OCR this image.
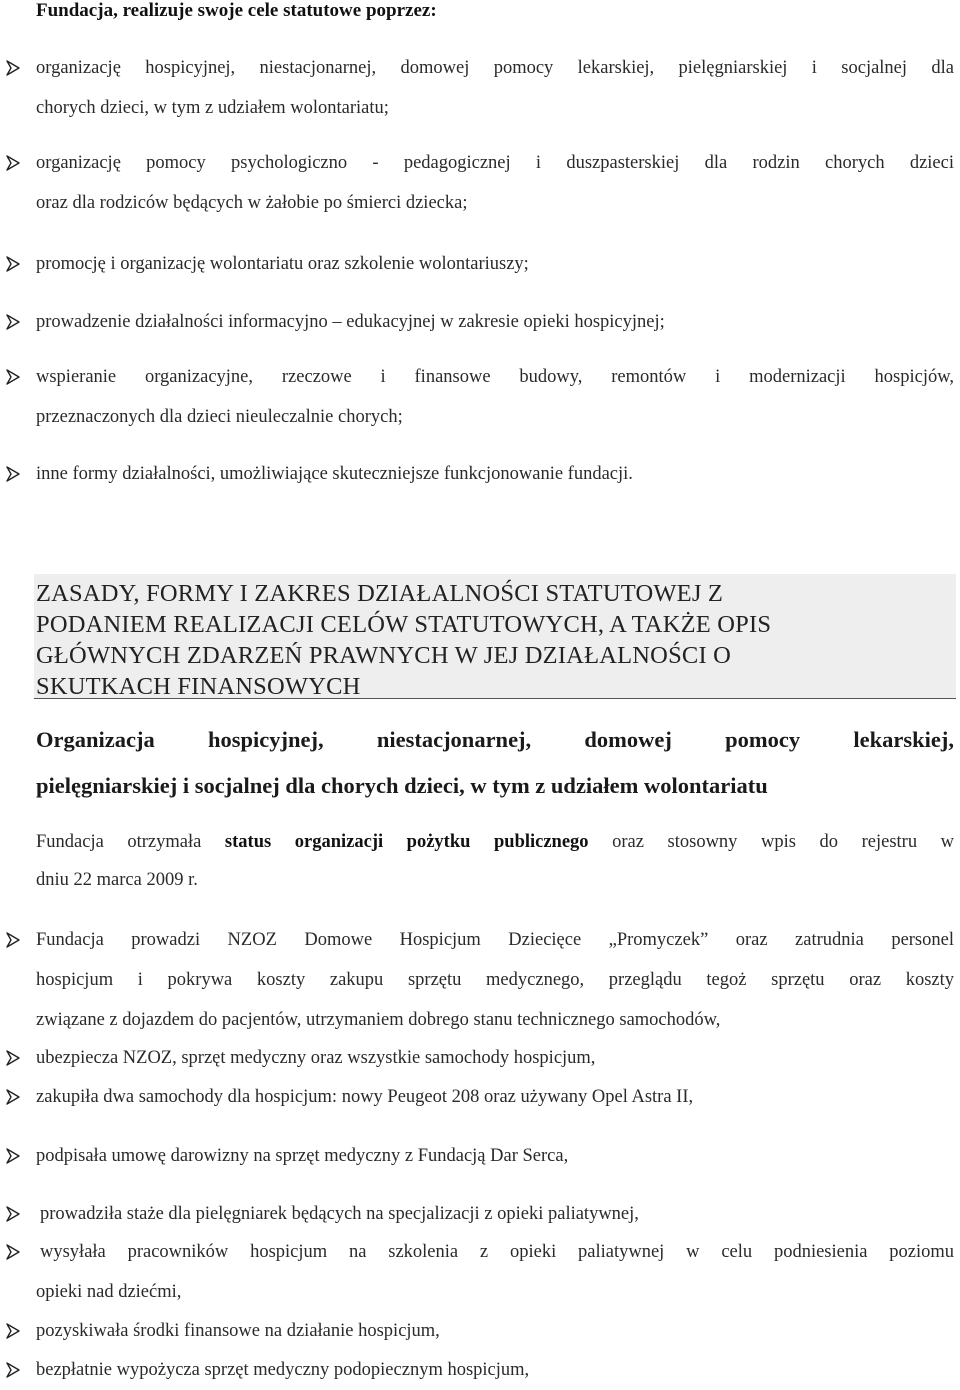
Fundacja, realizuje swoje cele statutowe poprzez:
organizację hospicyjnej, niestacjonarnej, domowej pomocy lekarskiej, pielęgniarskiej i socjalnej dla
chorych dzieci, w tym z udziałem wolontariatu;
organizację pomocy psychologiczno - pedagogicznej i duszpasterskiej dla rodzin chorych dzieci
oraz dla rodziców będących w żałobie po śmierci dziecka;
promocję i organizację wolontariatu oraz szkolenie wolontariuszy;
prowadzenie działalności informacyjno – edukacyjnej w zakresie opieki hospicyjnej;
wspieranie organizacyjne, rzeczowe i finansowe budowy, remontów i modernizacji hospicjów,
przeznaczonych dla dzieci nieuleczalnie chorych;
inne formy działalności, umożliwiające skuteczniejsze funkcjonowanie fundacji.
ZASADY, FORMY I ZAKRES DZIAŁALNOŚCI STATUTOWEJ Z
PODANIEM REALIZACJI CELÓW STATUTOWYCH, A TAKŻE OPIS
GŁÓWNYCH ZDARZEŃ PRAWNYCH W JEJ DZIAŁALNOŚCI O
SKUTKACH FINANSOWYCH
Organizacja hospicyjnej, niestacjonarnej, domowej pomocy lekarskiej,
pielęgniarskiej i socjalnej dla chorych dzieci, w tym z udziałem wolontariatu
Fundacja otrzymała status organizacji pożytku publicznego oraz stosowny wpis do rejestru w
dniu 22 marca 2009 r.
Fundacja prowadzi NZOZ Domowe Hospicjum Dziecięce „Promyczek” oraz zatrudnia personel
hospicjum i pokrywa koszty zakupu sprzętu medycznego, przeglądu tegoż sprzętu oraz koszty
związane z dojazdem do pacjentów, utrzymaniem dobrego stanu technicznego samochodów,
ubezpiecza NZOZ, sprzęt medyczny oraz wszystkie samochody hospicjum,
zakupiła dwa samochody dla hospicjum: nowy Peugeot 208 oraz używany Opel Astra II,
podpisała umowę darowizny na sprzęt medyczny z Fundacją Dar Serca,
prowadziła staże dla pielęgniarek będących na specjalizacji z opieki paliatywnej,
wysyłała pracowników hospicjum na szkolenia z opieki paliatywnej w celu podniesienia poziomu
opieki nad dziećmi,
pozyskiwała środki finansowe na działanie hospicjum,
bezpłatnie wypożycza sprzęt medyczny podopiecznym hospicjum,
